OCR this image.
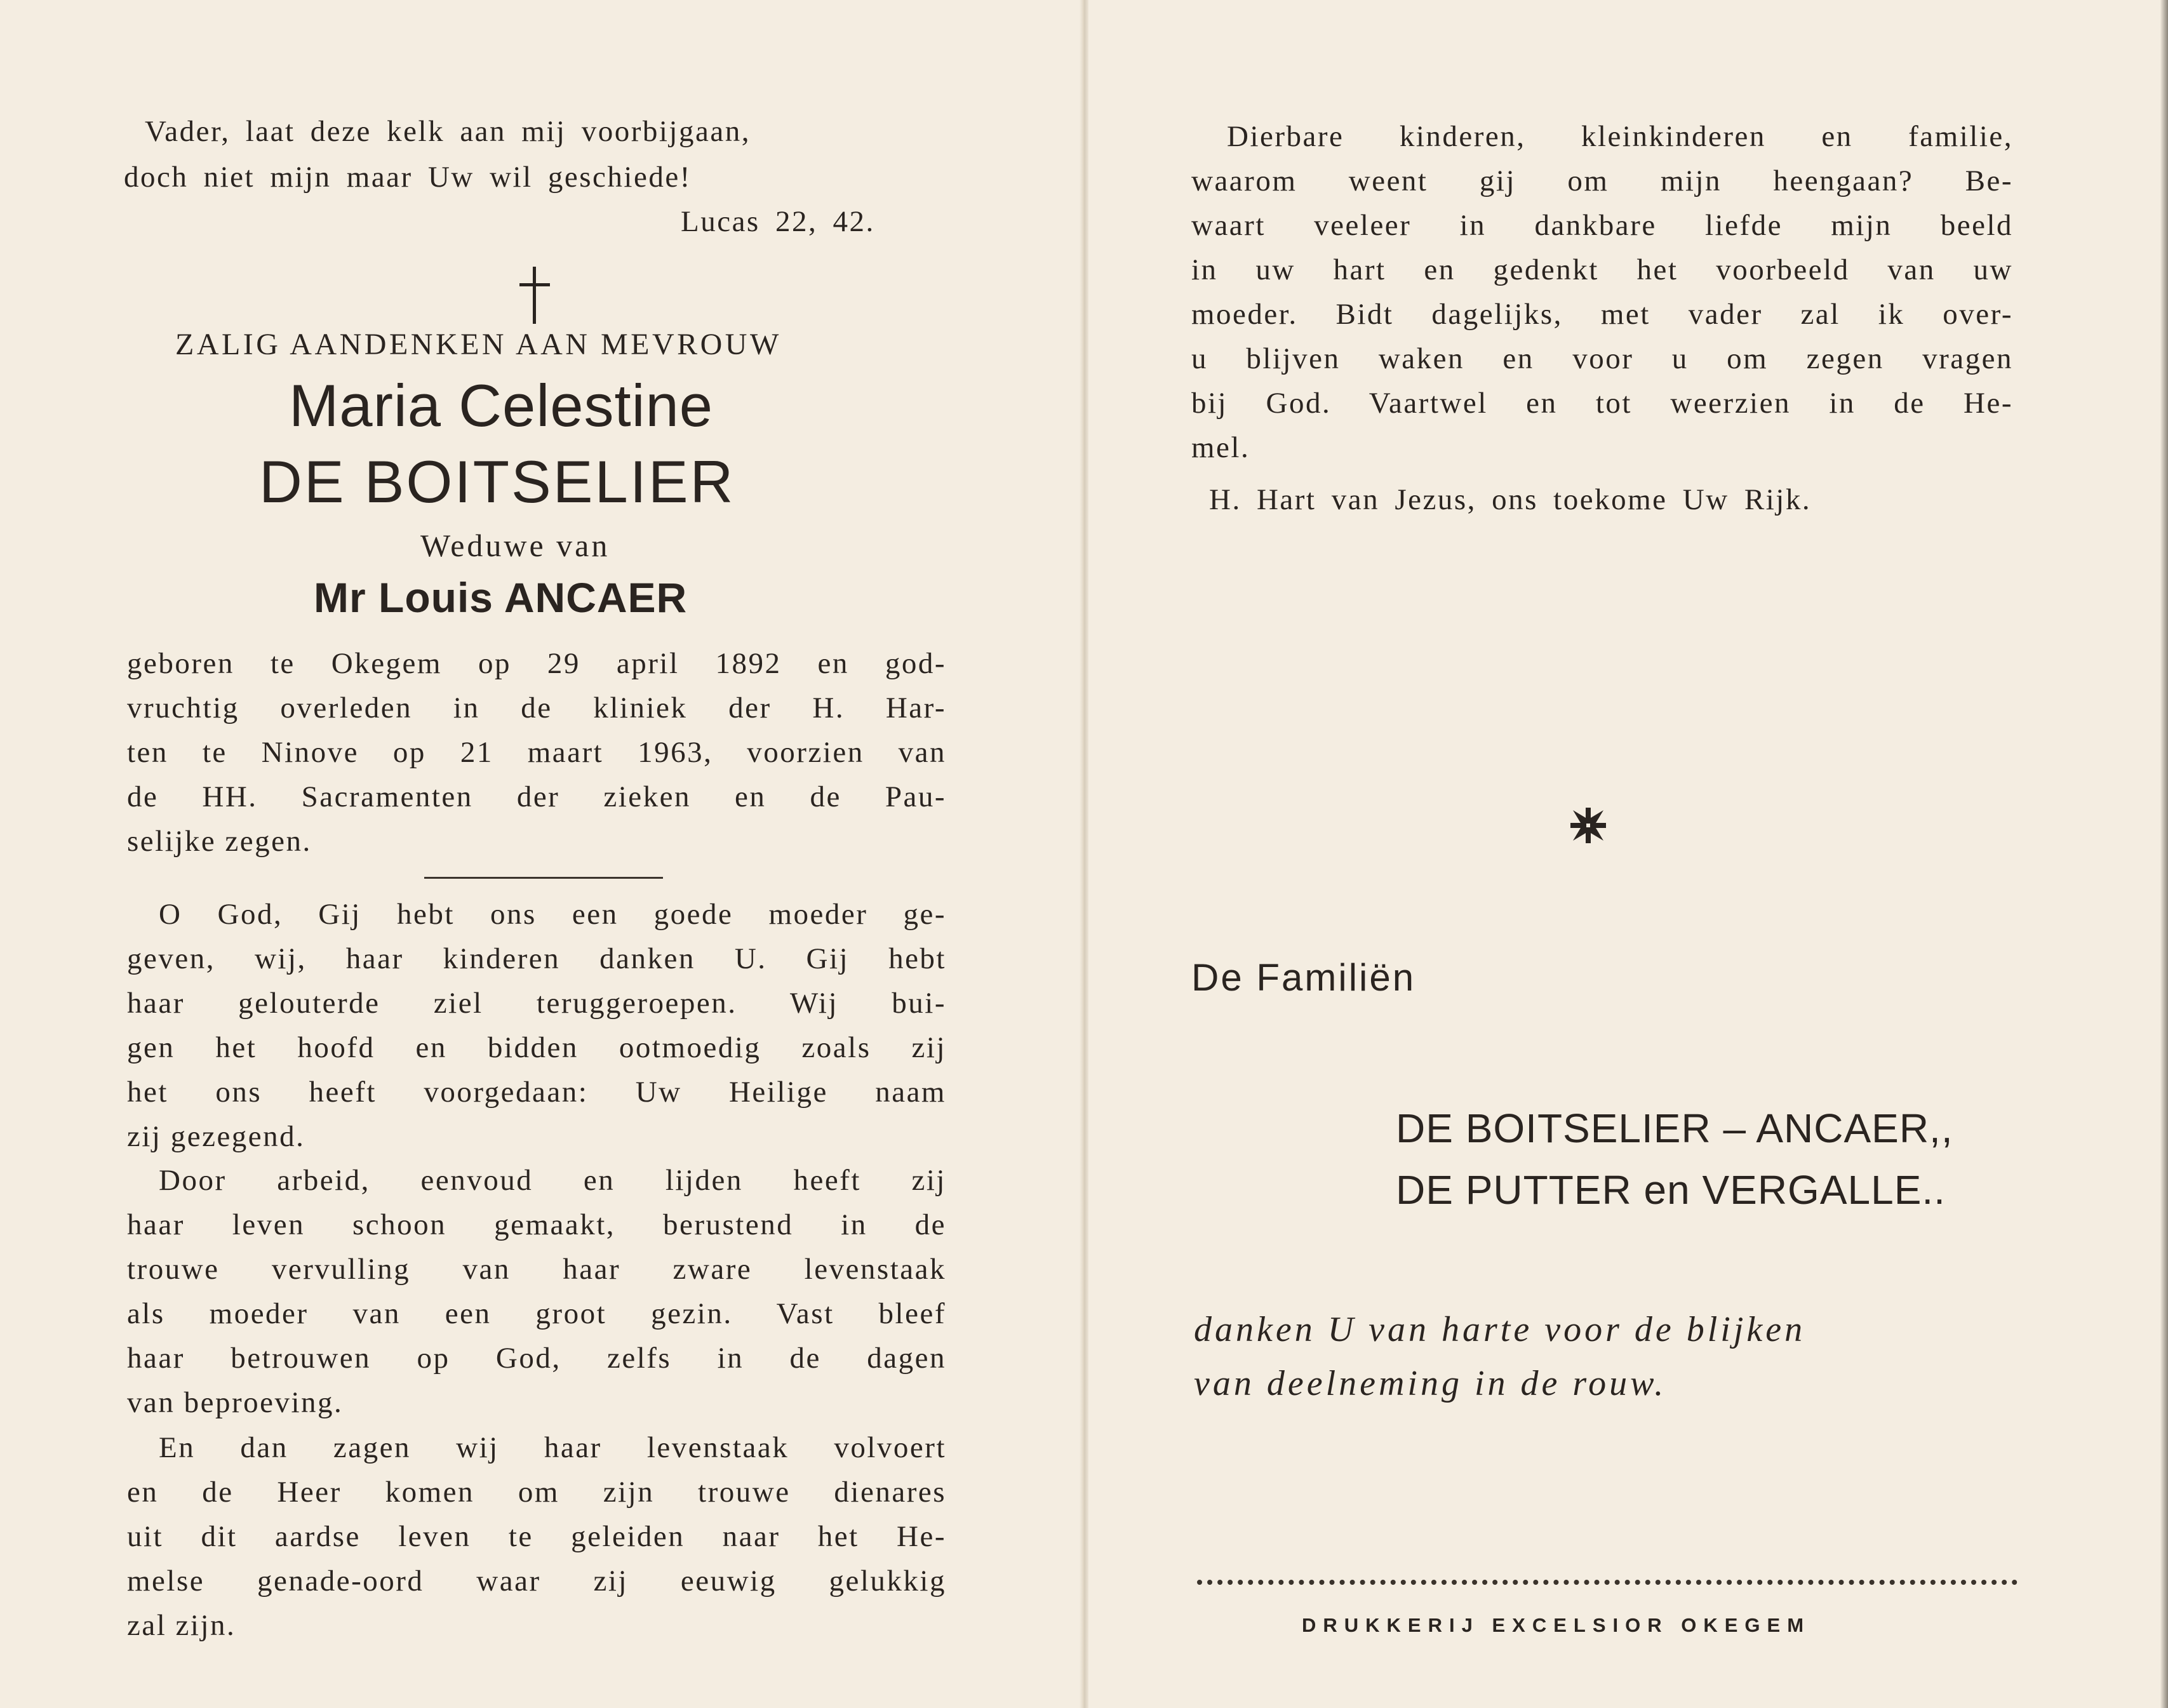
Vader, laat deze kelk aan mij voorbijgaan,

doch niet mijn maar Uw wil geschiede!

Lucas 22, 42.

ZALIG AANDENKEN AAN MEVROUW

Maria Celestine

DE BOITSELIER

Weduwe van

Mr Louis ANCAER

geboren te Okegem op 29 april 1892 en god-
vruchtig overleden in de kliniek der H. Har-
ten te Ninove op 21 maart 1963, voorzien van
de HH. Sacramenten der zieken en de Pau-
selijke zegen.
O God, Gij hebt ons een goede moeder ge-
geven, wij, haar kinderen danken U. Gij hebt
haar gelouterde ziel teruggeroepen. Wij bui-
gen het hoofd en bidden ootmoedig zoals zij
het ons heeft voorgedaan: Uw Heilige naam
zij gezegend.
Door arbeid, eenvoud en lijden heeft zij
haar leven schoon gemaakt, berustend in de
trouwe vervulling van haar zware levenstaak
als moeder van een groot gezin. Vast bleef
haar betrouwen op God, zelfs in de dagen
van beproeving.
En dan zagen wij haar levenstaak volvoert
en de Heer komen om zijn trouwe dienares
uit dit aardse leven te geleiden naar het He-
melse genade-oord waar zij eeuwig gelukkig
zal zijn.
Dierbare kinderen, kleinkinderen en familie,
waarom weent gij om mijn heengaan? Be-
waart veeleer in dankbare liefde mijn beeld
in uw hart en gedenkt het voorbeeld van uw
moeder. Bidt dagelijks, met vader zal ik over-
u blijven waken en voor u om zegen vragen
bij God. Vaartwel en tot weerzien in de He-
mel.

H. Hart van Jezus, ons toekome Uw Rijk.

De Familiën

DE BOITSELIER – ANCAER,,

DE PUTTER en VERGALLE..

danken U van harte voor de blijken

van deelneming in de rouw.

DRUKKERIJ EXCELSIOR OKEGEM
